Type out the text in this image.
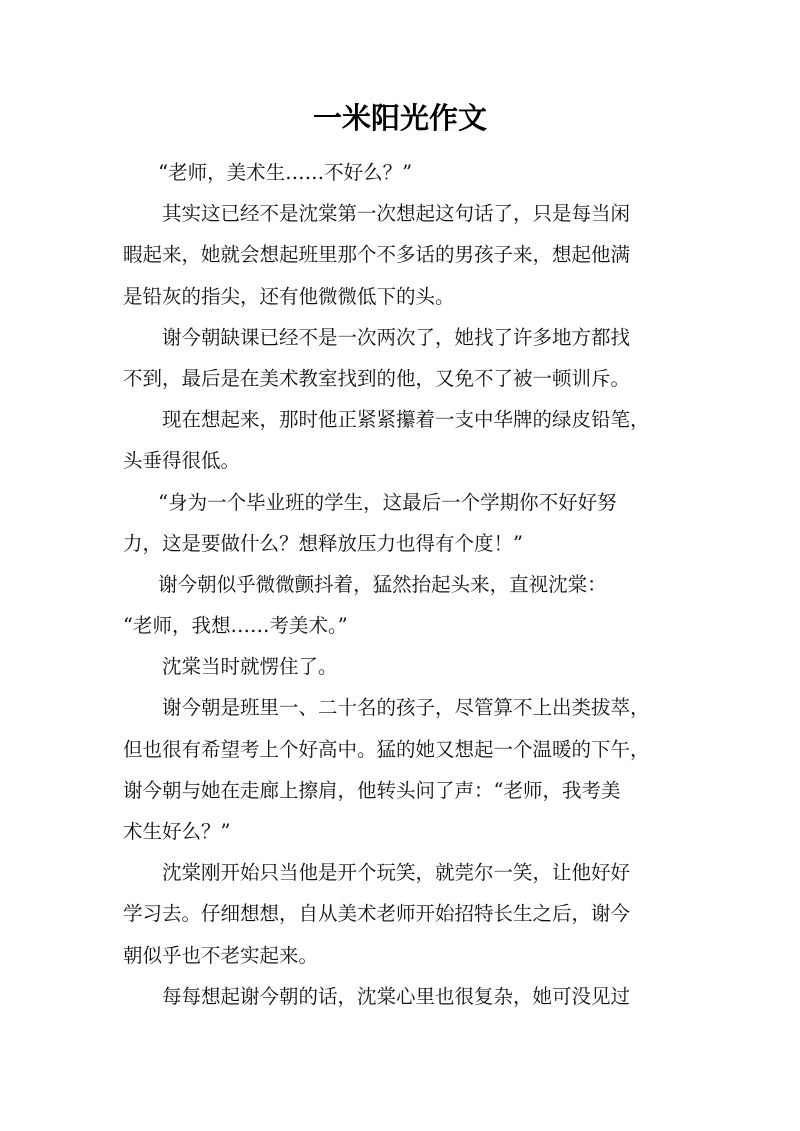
一米阳光作文
“老师，美术生……不好么？”
其实这已经不是沈棠第一次想起这句话了，只是每当闲
暇起来，她就会想起班里那个不多话的男孩子来，想起他满
是铅灰的指尖，还有他微微低下的头。
谢今朝缺课已经不是一次两次了，她找了许多地方都找
不到，最后是在美术教室找到的他，又免不了被一顿训斥。
现在想起来，那时他正紧紧攥着一支中华牌的绿皮铅笔，
头垂得很低。
“身为一个毕业班的学生，这最后一个学期你不好好努
力，这是要做什么？想释放压力也得有个度！”
谢今朝似乎微微颤抖着，猛然抬起头来，直视沈棠：
“老师，我想……考美术。”
沈棠当时就愣住了。
谢今朝是班里一、二十名的孩子，尽管算不上出类拔萃，
但也很有希望考上个好高中。猛的她又想起一个温暖的下午，
谢今朝与她在走廊上擦肩，他转头问了声：“老师，我考美
术生好么？”
沈棠刚开始只当他是开个玩笑，就莞尔一笑，让他好好
学习去。仔细想想，自从美术老师开始招特长生之后，谢今
朝似乎也不老实起来。
每每想起谢今朝的话，沈棠心里也很复杂，她可没见过
